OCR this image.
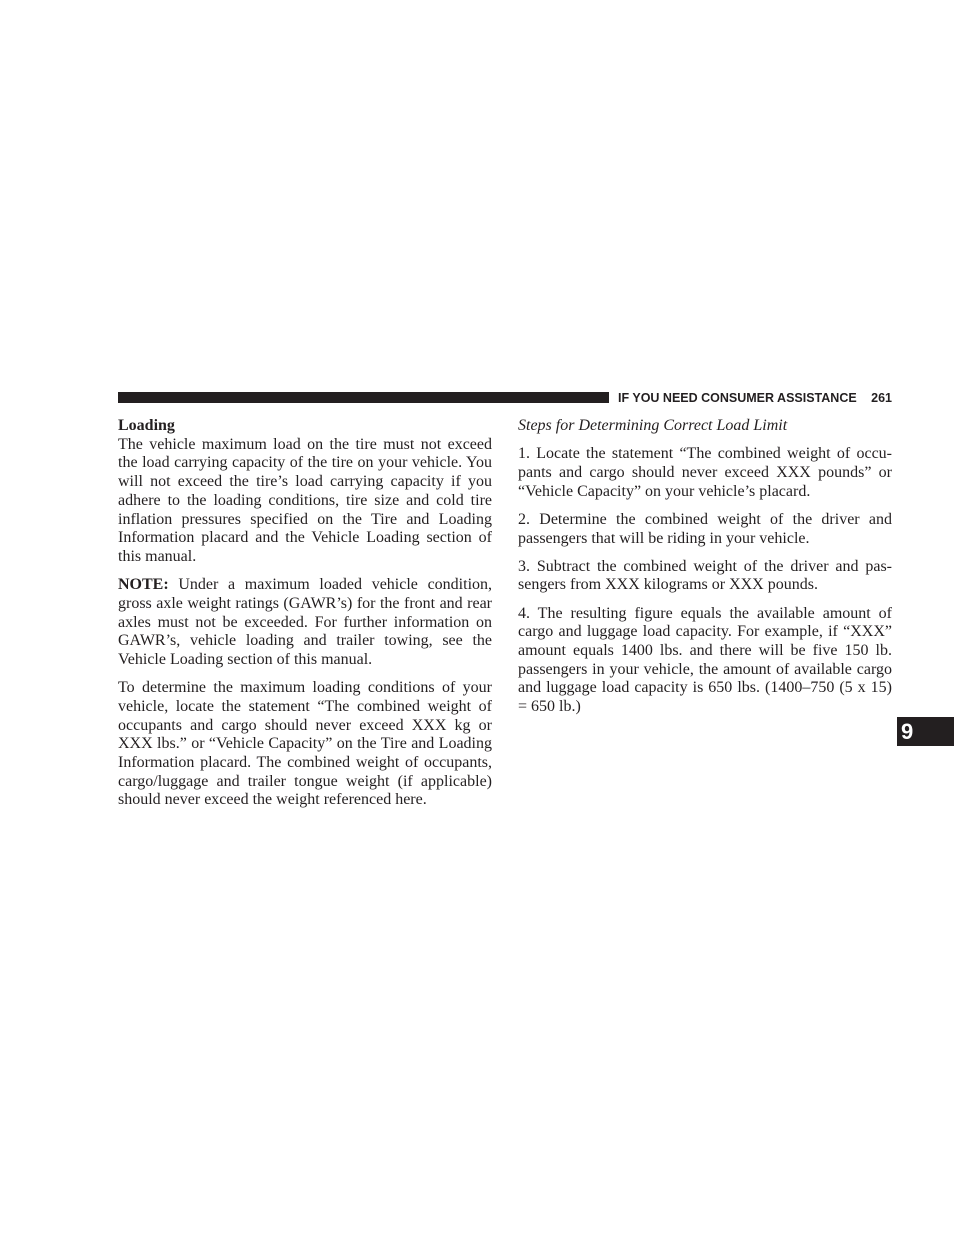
IF YOU NEED CONSUMER ASSISTANCE 261
Loading

The vehicle maximum load on the tire must not exceed the load carrying capacity of the tire on your vehicle. You will not exceed the tire’s load carrying capacity if you adhere to the loading conditions, tire size and cold tire inflation pressures specified on the Tire and Loading Information placard and the Vehicle Loading section of this manual.

NOTE: Under a maximum loaded vehicle condition, gross axle weight ratings (GAWR’s) for the front and rear axles must not be exceeded. For further information on GAWR’s, vehicle loading and trailer towing, see the Vehicle Loading section of this manual.

To determine the maximum loading conditions of your vehicle, locate the statement “The combined weight of occupants and cargo should never exceed XXX kg or XXX lbs.” or “Vehicle Capacity” on the Tire and Loading Information placard. The combined weight of occupants, cargo/luggage and trailer tongue weight (if applicable) should never exceed the weight referenced here.

Steps for Determining Correct Load Limit

1. Locate the statement “The combined weight of occupants and cargo should never exceed XXX pounds” or “Vehicle Capacity” on your vehicle’s placard.

2. Determine the combined weight of the driver and passengers that will be riding in your vehicle.

3. Subtract the combined weight of the driver and passengers from XXX kilograms or XXX pounds.

4. The resulting figure equals the available amount of cargo and luggage load capacity. For example, if “XXX” amount equals 1400 lbs. and there will be five 150 lb. passengers in your vehicle, the amount of available cargo and luggage load capacity is 650 lbs. (1400–750 (5 x 15) = 650 lb.)

9
